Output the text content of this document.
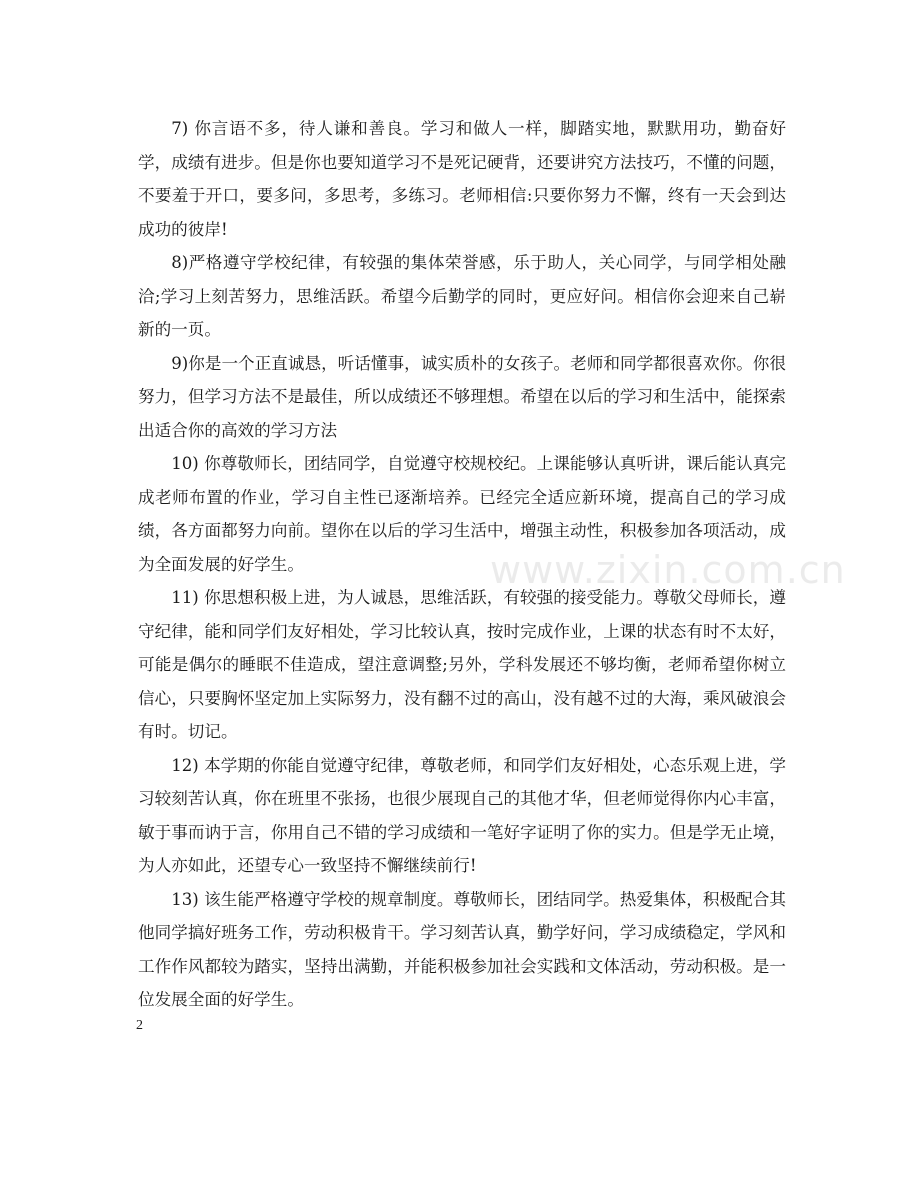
7) 你言语不多，待人谦和善良。学习和做人一样，脚踏实地，默默用功，勤奋好学，成绩有进步。但是你也要知道学习不是死记硬背，还要讲究方法技巧，不懂的问题，不要羞于开口，要多问，多思考，多练习。老师相信:只要你努力不懈，终有一天会到达成功的彼岸!

8)严格遵守学校纪律，有较强的集体荣誉感，乐于助人，关心同学，与同学相处融洽;学习上刻苦努力，思维活跃。希望今后勤学的同时，更应好问。相信你会迎来自己崭新的一页。

9)你是一个正直诚恳，听话懂事，诚实质朴的女孩子。老师和同学都很喜欢你。你很努力，但学习方法不是最佳，所以成绩还不够理想。希望在以后的学习和生活中，能探索出适合你的高效的学习方法

10) 你尊敬师长，团结同学，自觉遵守校规校纪。上课能够认真听讲，课后能认真完成老师布置的作业，学习自主性已逐渐培养。已经完全适应新环境，提高自己的学习成绩，各方面都努力向前。望你在以后的学习生活中，增强主动性，积极参加各项活动，成为全面发展的好学生。

11) 你思想积极上进，为人诚恳，思维活跃，有较强的接受能力。尊敬父母师长，遵守纪律，能和同学们友好相处，学习比较认真，按时完成作业，上课的状态有时不太好，可能是偶尔的睡眠不佳造成，望注意调整;另外，学科发展还不够均衡，老师希望你树立信心，只要胸怀坚定加上实际努力，没有翻不过的高山，没有越不过的大海，乘风破浪会有时。切记。

12) 本学期的你能自觉遵守纪律，尊敬老师，和同学们友好相处，心态乐观上进，学习较刻苦认真，你在班里不张扬，也很少展现自己的其他才华，但老师觉得你内心丰富，敏于事而讷于言，你用自己不错的学习成绩和一笔好字证明了你的实力。但是学无止境，为人亦如此，还望专心一致坚持不懈继续前行!

13) 该生能严格遵守学校的规章制度。尊敬师长，团结同学。热爱集体，积极配合其他同学搞好班务工作，劳动积极肯干。学习刻苦认真，勤学好问，学习成绩稳定，学风和工作作风都较为踏实，坚持出满勤，并能积极参加社会实践和文体活动，劳动积极。是一位发展全面的好学生。

www.zixin.com.cn
2
